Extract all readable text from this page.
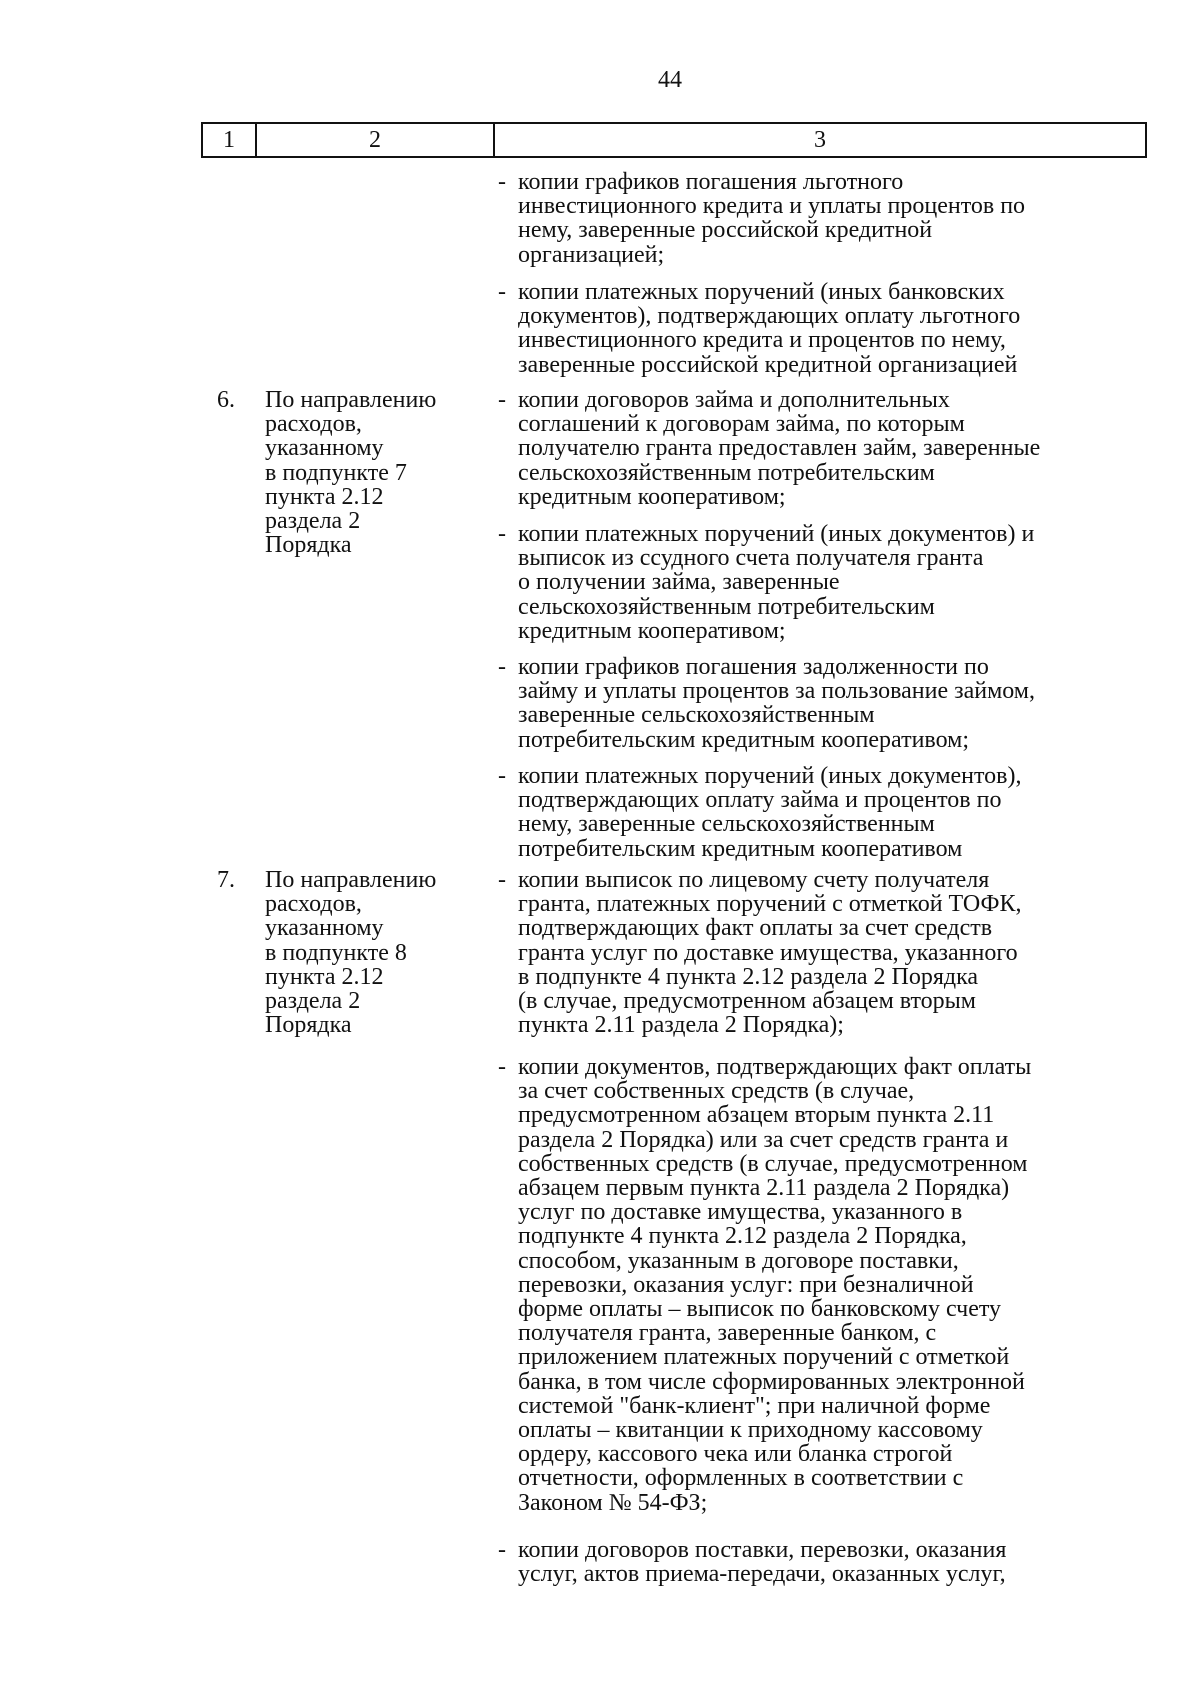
44
1	2	3
6. По направлению
расходов,
указанному
в подпункте 7
пункта 2.12
раздела 2
Порядка
7. По направлению
расходов,
указанному
в подпункте 8
пункта 2.12
раздела 2
Порядка
- копии графиков погашения льготного
инвестиционного кредита и уплаты процентов по
нему, заверенные российской кредитной
организацией;
- копии платежных поручений (иных банковских
документов), подтверждающих оплату льготного
инвестиционного кредита и процентов по нему,
заверенные российской кредитной организацией
- копии договоров займа и дополнительных
соглашений к договорам займа, по которым
получателю гранта предоставлен займ, заверенные
сельскохозяйственным потребительским
кредитным кооперативом;
- копии платежных поручений (иных документов) и
выписок из ссудного счета получателя гранта
о получении займа, заверенные
сельскохозяйственным потребительским
кредитным кооперативом;
- копии графиков погашения задолженности по
займу и уплаты процентов за пользование займом,
заверенные сельскохозяйственным
потребительским кредитным кооперативом;
- копии платежных поручений (иных документов),
подтверждающих оплату займа и процентов по
нему, заверенные сельскохозяйственным
потребительским кредитным кооперативом
- копии выписок по лицевому счету получателя
гранта, платежных поручений с отметкой ТОФК,
подтверждающих факт оплаты за счет средств
гранта услуг по доставке имущества, указанного
в подпункте 4 пункта 2.12 раздела 2 Порядка
(в случае, предусмотренном абзацем вторым
пункта 2.11 раздела 2 Порядка);
- копии документов, подтверждающих факт оплаты
за счет собственных средств (в случае,
предусмотренном абзацем вторым пункта 2.11
раздела 2 Порядка) или за счет средств гранта и
собственных средств (в случае, предусмотренном
абзацем первым пункта 2.11 раздела 2 Порядка)
услуг по доставке имущества, указанного в
подпункте 4 пункта 2.12 раздела 2 Порядка,
способом, указанным в договоре поставки,
перевозки, оказания услуг: при безналичной
форме оплаты – выписок по банковскому счету
получателя гранта, заверенные банком, с
приложением платежных поручений с отметкой
банка, в том числе сформированных электронной
системой "банк-клиент"; при наличной форме
оплаты – квитанции к приходному кассовому
ордеру, кассового чека или бланка строгой
отчетности, оформленных в соответствии с
Законом № 54-ФЗ;
- копии договоров поставки, перевозки, оказания
услуг, актов приема-передачи, оказанных услуг,
